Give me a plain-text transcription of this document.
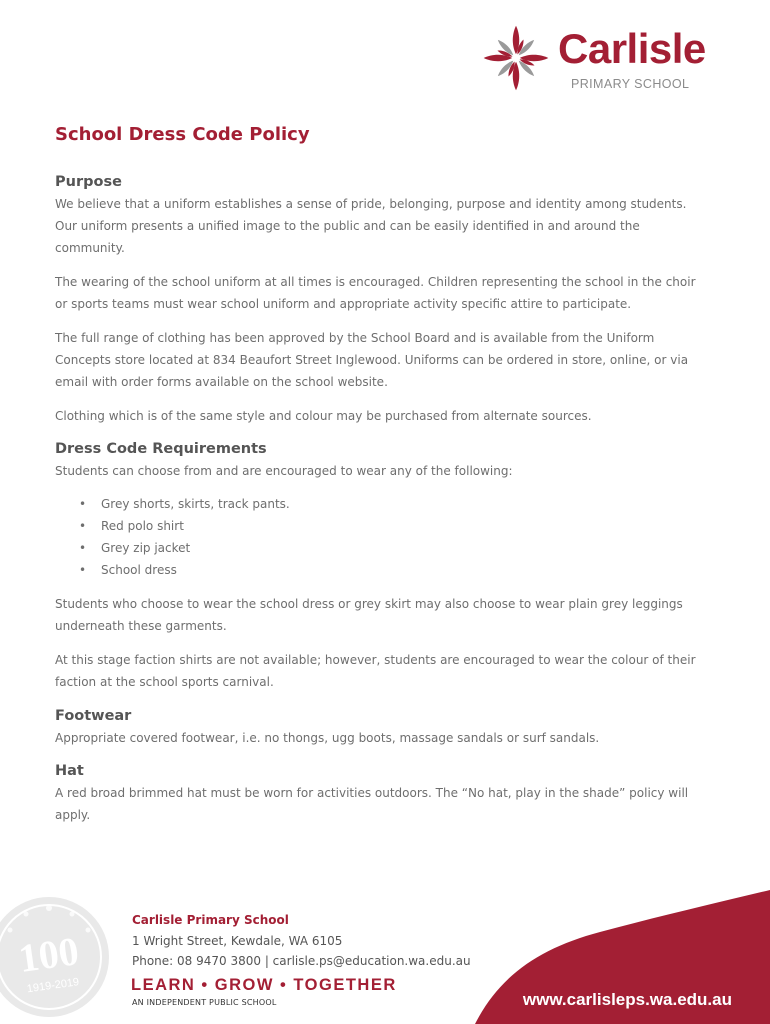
Carlisle
PRIMARY SCHOOL
School Dress Code Policy
Purpose

We believe that a uniform establishes a sense of pride, belonging, purpose and identity among students. Our uniform presents a unified image to the public and can be easily identified in and around the community.

The wearing of the school uniform at all times is encouraged. Children representing the school in the choir or sports teams must wear school uniform and appropriate activity specific attire to participate.

The full range of clothing has been approved by the School Board and is available from the Uniform Concepts store located at 834 Beaufort Street Inglewood. Uniforms can be ordered in store, online, or via email with order forms available on the school website.

Clothing which is of the same style and colour may be purchased from alternate sources.

Dress Code Requirements

Students can choose from and are encouraged to wear any of the following:

• Grey shorts, skirts, track pants.
• Red polo shirt
• Grey zip jacket
• School dress

Students who choose to wear the school dress or grey skirt may also choose to wear plain grey leggings underneath these garments.

At this stage faction shirts are not available; however, students are encouraged to wear the colour of their faction at the school sports carnival.

Footwear

Appropriate covered footwear, i.e. no thongs, ugg boots, massage sandals or surf sandals.

Hat

A red broad brimmed hat must be worn for activities outdoors. The “No hat, play in the shade” policy will apply.

100
1919-2019
Carlisle Primary School
1 Wright Street, Kewdale, WA 6105
Phone: 08 9470 3800 | carlisle.ps@education.wa.edu.au
LEARN • GROW • TOGETHER
AN INDEPENDENT PUBLIC SCHOOL	www.carlisleps.wa.edu.au
